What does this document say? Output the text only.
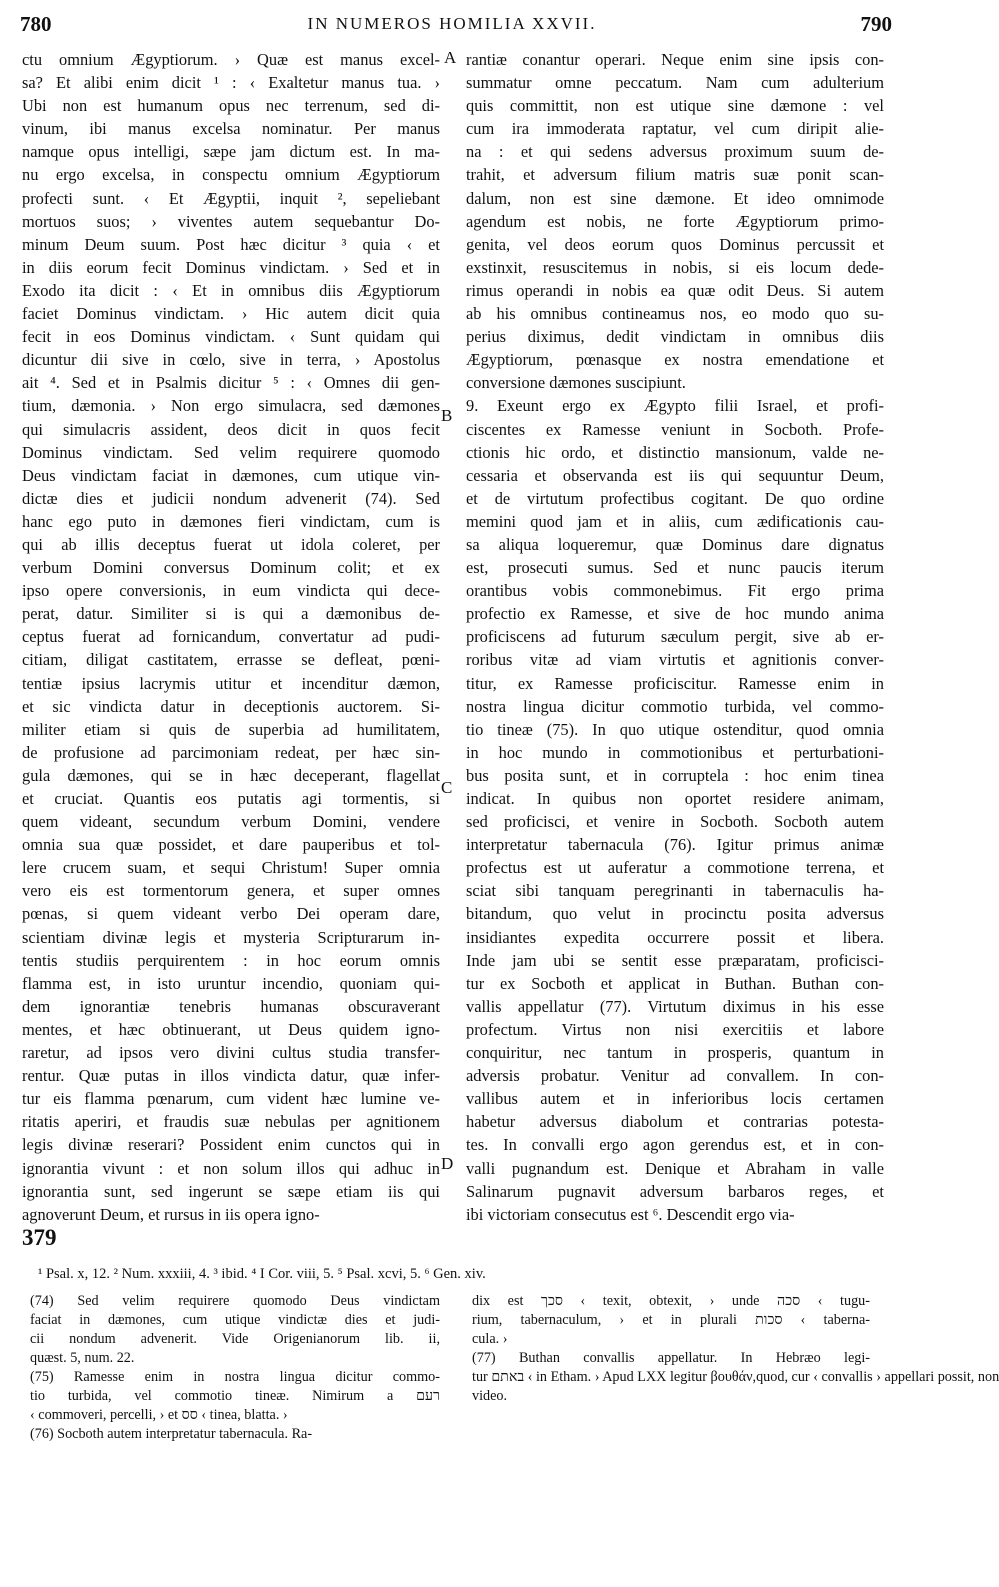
780	IN NUMEROS HOMILIA XXVII.	790
ctu omnium Ægyptiorum. › Quæ est manus excel-
sa? Et alibi enim dicit ¹ : ‹ Exaltetur manus tua. ›
Ubi non est humanum opus nec terrenum, sed di-
vinum, ibi manus excelsa nominatur. Per manus
namque opus intelligi, sæpe jam dictum est. In ma-
nu ergo excelsa, in conspectu omnium Ægyptiorum
profecti sunt. ‹ Et Ægyptii, inquit ², sepeliebant
mortuos suos; › viventes autem sequebantur Do-
minum Deum suum. Post hæc dicitur ³ quia ‹ et
in diis eorum fecit Dominus vindictam. › Sed et in
Exodo ita dicit : ‹ Et in omnibus diis Ægyptiorum
faciet Dominus vindictam. › Hic autem dicit quia
fecit in eos Dominus vindictam. ‹ Sunt quidam qui
dicuntur dii sive in cœlo, sive in terra, › Apostolus
ait ⁴. Sed et in Psalmis dicitur ⁵ : ‹ Omnes dii gen-
tium, dæmonia. › Non ergo simulacra, sed dæmones
qui simulacris assident, deos dicit in quos fecit
Dominus vindictam. Sed velim requirere quomodo
Deus vindictam faciat in dæmones, cum utique vin-
dictæ dies et judicii nondum advenerit (74). Sed
hanc ego puto in dæmones fieri vindictam, cum is
qui ab illis deceptus fuerat ut idola coleret, per
verbum Domini conversus Dominum colit; et ex
ipso opere conversionis, in eum vindicta qui dece-
perat, datur. Similiter si is qui a dæmonibus de-
ceptus fuerat ad fornicandum, convertatur ad pudi-
citiam, diligat castitatem, errasse se defleat, pœni-
tentiæ ipsius lacrymis utitur et incenditur dæmon,
et sic vindicta datur in deceptionis auctorem. Si-
militer etiam si quis de superbia ad humilitatem,
de profusione ad parcimoniam redeat, per hæc sin-
gula dæmones, qui se in hæc deceperant, flagellat
et cruciat. Quantis eos putatis agi tormentis, si
quem videant, secundum verbum Domini, vendere
omnia sua quæ possidet, et dare pauperibus et tol-
lere crucem suam, et sequi Christum! Super omnia
vero eis est tormentorum genera, et super omnes
pœnas, si quem videant verbo Dei operam dare,
scientiam divinæ legis et mysteria Scripturarum in-
tentis studiis perquirentem : in hoc eorum omnis
flamma est, in isto uruntur incendio, quoniam qui-
dem ignorantiæ tenebris humanas obscuraverant
mentes, et hæc obtinuerant, ut Deus quidem igno-
raretur, ad ipsos vero divini cultus studia transfer-
rentur. Quæ putas in illos vindicta datur, quæ infer-
tur eis flamma pœnarum, cum vident hæc lumine ve-
ritatis aperiri, et fraudis suæ nebulas per agnitionem
legis divinæ reserari? Possident enim cunctos qui in
ignorantia vivunt : et non solum illos qui adhuc in
ignorantia sunt, sed ingerunt se sæpe etiam iis qui
agnoverunt Deum, et rursus in iis opera igno-
rantiæ conantur operari. Neque enim sine ipsis con-
summatur omne peccatum. Nam cum adulterium
quis committit, non est utique sine dæmone : vel
cum ira immoderata raptatur, vel cum diripit alie-
na : et qui sedens adversus proximum suum de-
trahit, et adversum filium matris suæ ponit scan-
dalum, non est sine dæmone. Et ideo omnimode
agendum est nobis, ne forte Ægyptiorum primo-
genita, vel deos eorum quos Dominus percussit et
exstinxit, resuscitemus in nobis, si eis locum dede-
rimus operandi in nobis ea quæ odit Deus. Si autem
ab his omnibus contineamus nos, eo modo quo su-
perius diximus, dedit vindictam in omnibus diis
Ægyptiorum, pœnasque ex nostra emendatione et
conversione dæmones suscipiunt.
9. Exeunt ergo ex Ægypto filii Israel, et profi-
ciscentes ex Ramesse veniunt in Socboth. Profe-
ctionis hic ordo, et distinctio mansionum, valde ne-
cessaria et observanda est iis qui sequuntur Deum,
et de virtutum profectibus cogitant. De quo ordine
memini quod jam et in aliis, cum ædificationis cau-
sa aliqua loqueremur, quæ Dominus dare dignatus
est, prosecuti sumus. Sed et nunc paucis iterum
orantibus vobis commonebimus. Fit ergo prima
profectio ex Ramesse, et sive de hoc mundo anima
proficiscens ad futurum sæculum pergit, sive ab er-
roribus vitæ ad viam virtutis et agnitionis conver-
titur, ex Ramesse proficiscitur. Ramesse enim in
nostra lingua dicitur commotio turbida, vel commo-
tio tineæ (75). In quo utique ostenditur, quod omnia
in hoc mundo in commotionibus et perturbationi-
bus posita sunt, et in corruptela : hoc enim tinea
indicat. In quibus non oportet residere animam,
sed proficisci, et venire in Socboth. Socboth autem
interpretatur tabernacula (76). Igitur primus animæ
profectus est ut auferatur a commotione terrena, et
sciat sibi tanquam peregrinanti in tabernaculis ha-
bitandum, quo velut in procinctu posita adversus
insidiantes expedita occurrere possit et libera.
Inde jam ubi se sentit esse præparatam, proficisci-
tur ex Socboth et applicat in Buthan. Buthan con-
vallis appellatur (77). Virtutum diximus in his esse
profectum. Virtus non nisi exercitiis et labore
conquiritur, nec tantum in prosperis, quantum in
adversis probatur. Venitur ad convallem. In con-
vallibus autem et in inferioribus locis certamen
habetur adversus diabolum et contrarias potesta-
tes. In convalli ergo agon gerendus est, et in con-
valli pugnandum est. Denique et Abraham in valle
Salinarum pugnavit adversum barbaros reges, et
ibi victoriam consecutus est ⁶. Descendit ergo via-
A
B
C
D
379
¹ Psal. x, 12. ² Num. xxxiii, 4. ³ ibid. ⁴ I Cor. viii, 5. ⁵ Psal. xcvi, 5. ⁶ Gen. xiv.
(74) Sed velim requirere quomodo Deus vindictam
faciat in dæmones, cum utique vindictæ dies et judi-
cii nondum advenerit. Vide Origenianorum lib. ii,
quæst. 5, num. 22.
(75) Ramesse enim in nostra lingua dicitur commo-
tio turbida, vel commotio tineæ. Nimirum a רעם
‹ commoveri, percelli, › et סס ‹ tinea, blatta. ›
(76) Socboth autem interpretatur tabernacula. Ra-
dix est סכך ‹ texit, obtexit, › unde סכה ‹ tugu-
rium, tabernaculum, › et in plurali סכות ‹ taberna-
cula. ›
(77) Buthan convallis appellatur. In Hebræo legi-
tur באתם ‹ in Etham. › Apud LXX legitur βουθάν,quod, cur ‹ convallis › appellari possit, non
video.
